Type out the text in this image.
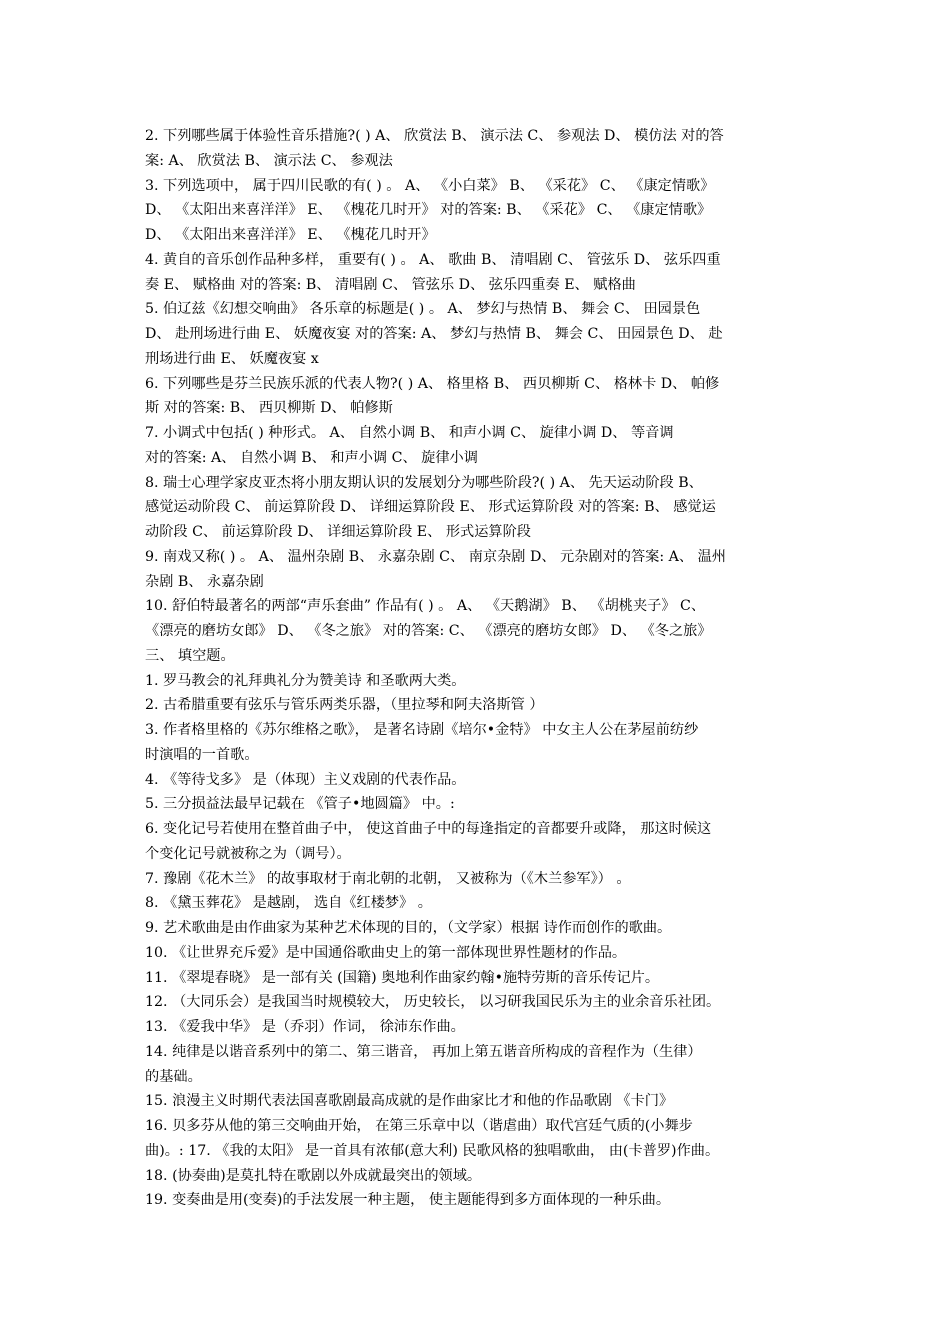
2. 下列哪些属于体验性音乐措施?( ) A、 欣赏法 B、 演示法 C、 参观法 D、 模仿法 对的答
案: A、 欣赏法 B、 演示法 C、 参观法
3. 下列选项中， 属于四川民歌的有( ) 。 A、 《小白菜》 B、 《采花》 C、 《康定情歌》
D、 《太阳出来喜洋洋》 E、 《槐花几时开》 对的答案: B、 《采花》 C、 《康定情歌》
D、 《太阳出来喜洋洋》 E、 《槐花几时开》
4. 黄自的音乐创作品种多样， 重要有( ) 。 A、 歌曲 B、 清唱剧 C、 管弦乐 D、 弦乐四重
奏 E、 赋格曲 对的答案: B、 清唱剧 C、 管弦乐 D、 弦乐四重奏 E、 赋格曲
5. 伯辽兹《幻想交响曲》 各乐章的标题是( ) 。 A、 梦幻与热情 B、 舞会 C、 田园景色
D、 赴刑场进行曲 E、 妖魔夜宴 对的答案: A、 梦幻与热情 B、 舞会 C、 田园景色 D、 赴
刑场进行曲 E、 妖魔夜宴 x
6. 下列哪些是芬兰民族乐派的代表人物?( ) A、 格里格 B、 西贝柳斯 C、 格林卡 D、 帕修
斯 对的答案: B、 西贝柳斯 D、 帕修斯
7. 小调式中包括( ) 种形式。 A、 自然小调 B、 和声小调 C、 旋律小调 D、 等音调
对的答案: A、 自然小调 B、 和声小调 C、 旋律小调
8. 瑞士心理学家皮亚杰将小朋友期认识的发展划分为哪些阶段?( ) A、 先天运动阶段 B、
感觉运动阶段 C、 前运算阶段 D、 详细运算阶段 E、 形式运算阶段 对的答案: B、 感觉运
动阶段 C、 前运算阶段 D、 详细运算阶段 E、 形式运算阶段
9. 南戏又称( ) 。 A、 温州杂剧 B、 永嘉杂剧 C、 南京杂剧 D、 元杂剧对的答案: A、 温州
杂剧 B、 永嘉杂剧
10. 舒伯特最著名的两部“声乐套曲” 作品有( ) 。 A、 《天鹅湖》 B、 《胡桃夹子》 C、
《漂亮的磨坊女郎》 D、 《冬之旅》 对的答案: C、 《漂亮的磨坊女郎》 D、 《冬之旅》
三、 填空题。
1. 罗马教会的礼拜典礼分为赞美诗 和圣歌两大类。
2. 古希腊重要有弦乐与管乐两类乐器，（里拉琴和阿夫洛斯管 ）
3. 作者格里格的《苏尔维格之歌》， 是著名诗剧《培尔•金特》 中女主人公在茅屋前纺纱
时演唱的一首歌。
4. 《等待戈多》 是（体现）主义戏剧的代表作品。
5. 三分损益法最早记载在 《管子•地圆篇》 中。:
6. 变化记号若使用在整首曲子中， 使这首曲子中的每逢指定的音都要升或降， 那这时候这
个变化记号就被称之为（调号）。
7. 豫剧《花木兰》 的故事取材于南北朝的北朝， 又被称为（《木兰参军》） 。
8. 《黛玉葬花》 是越剧， 选自《红楼梦》 。
9. 艺术歌曲是由作曲家为某种艺术体现的目的，（文学家）根据 诗作而创作的歌曲。
10. 《让世界充斥爱》是中国通俗歌曲史上的第一部体现世界性题材的作品。
11. 《翠堤春晓》 是一部有关 (国籍) 奥地利作曲家约翰•施特劳斯的音乐传记片。
12. （大同乐会）是我国当时规模较大， 历史较长， 以习研我国民乐为主的业余音乐社团。
13. 《爱我中华》 是（乔羽）作词， 徐沛东作曲。
14. 纯律是以谐音系列中的第二、第三谐音， 再加上第五谐音所构成的音程作为（生律）
的基础。
15. 浪漫主义时期代表法国喜歌剧最高成就的是作曲家比才和他的作品歌剧 《卡门》
16. 贝多芬从他的第三交响曲开始， 在第三乐章中以（谐虐曲）取代宫廷气质的(小舞步
曲)。: 17. 《我的太阳》 是一首具有浓郁(意大利) 民歌风格的独唱歌曲， 由(卡普罗)作曲。
18. (协奏曲)是莫扎特在歌剧以外成就最突出的领域。
19. 变奏曲是用(变奏)的手法发展一种主题， 使主题能得到多方面体现的一种乐曲。
